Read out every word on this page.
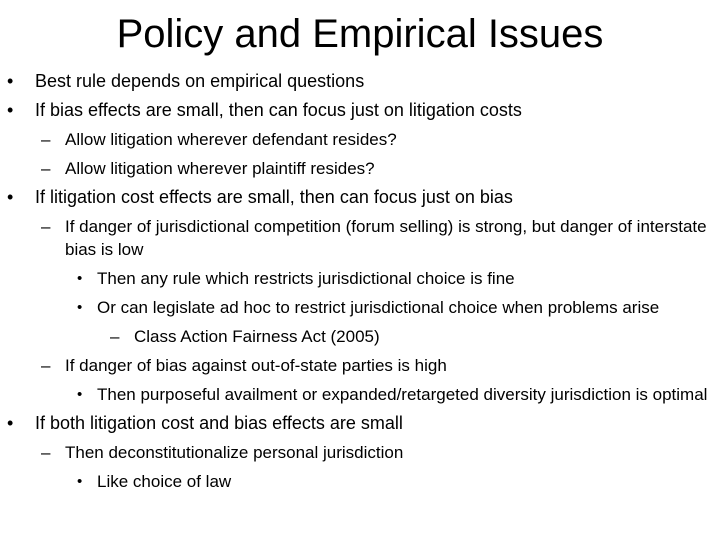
Policy and Empirical Issues
• Best rule depends on empirical questions
• If bias effects are small, then can focus just on litigation costs
– Allow litigation wherever defendant resides?
– Allow litigation wherever plaintiff resides?
• If litigation cost effects are small, then can focus just on bias
– If danger of jurisdictional competition (forum selling) is strong, but danger of interstate bias is low
• Then any rule which restricts jurisdictional choice is fine
• Or can legislate ad hoc to restrict jurisdictional choice when problems arise
– Class Action Fairness Act (2005)
– If danger of bias against out-of-state parties is high
• Then purposeful availment or expanded/retargeted diversity jurisdiction is optimal
• If both litigation cost and bias effects are small
– Then deconstitutionalize personal jurisdiction
• Like choice of law
